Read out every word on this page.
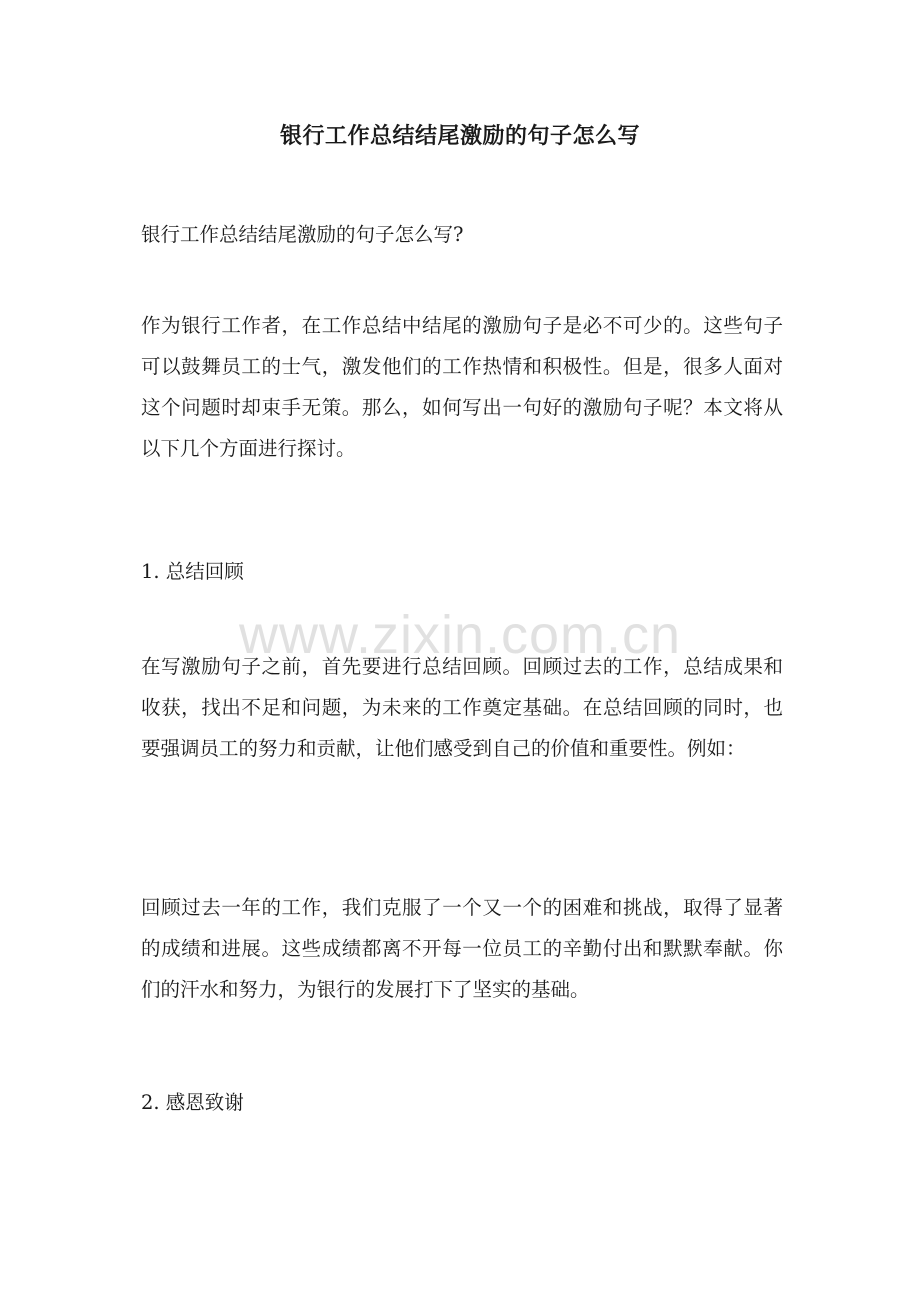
银行工作总结结尾激励的句子怎么写

银行工作总结结尾激励的句子怎么写?

作为银行工作者，在工作总结中结尾的激励句子是必不可少的。这些句子可以鼓舞员工的士气，激发他们的工作热情和积极性。但是，很多人面对这个问题时却束手无策。那么，如何写出一句好的激励句子呢？本文将从以下几个方面进行探讨。

1. 总结回顾

在写激励句子之前，首先要进行总结回顾。回顾过去的工作，总结成果和收获，找出不足和问题，为未来的工作奠定基础。在总结回顾的同时，也要强调员工的努力和贡献，让他们感受到自己的价值和重要性。例如：

回顾过去一年的工作，我们克服了一个又一个的困难和挑战，取得了显著的成绩和进展。这些成绩都离不开每一位员工的辛勤付出和默默奉献。你们的汗水和努力，为银行的发展打下了坚实的基础。

2. 感恩致谢

www.zixin.com.cn
